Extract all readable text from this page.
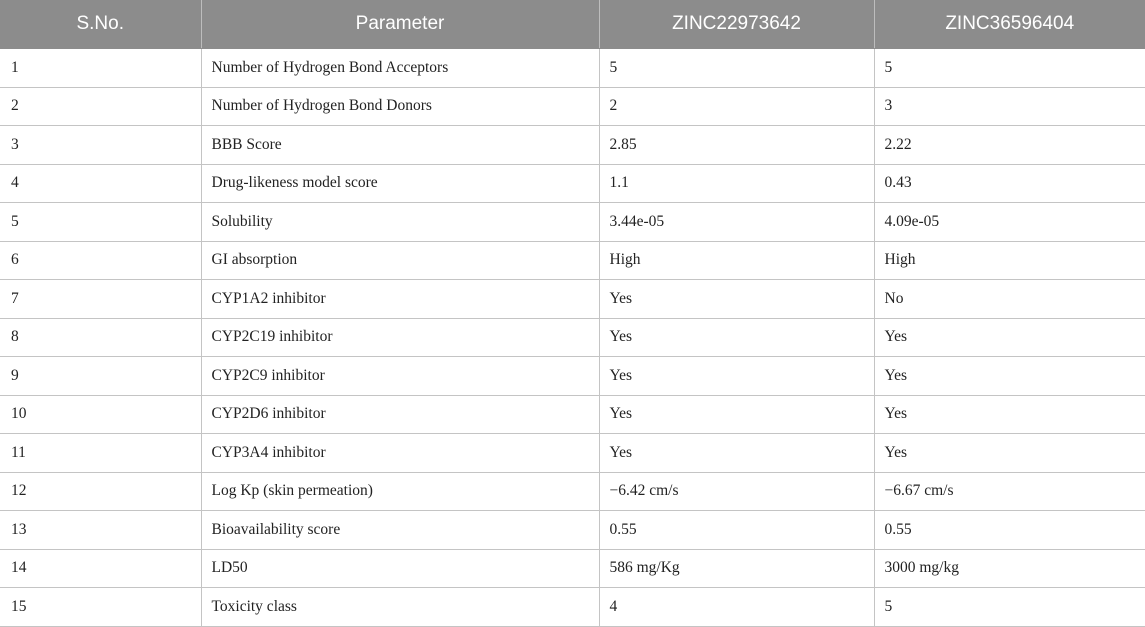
S.No.	Parameter	ZINC22973642	ZINC36596404
1	Number of Hydrogen Bond Acceptors	5	5
2	Number of Hydrogen Bond Donors	2	3
3	BBB Score	2.85	2.22
4	Drug-likeness model score	1.1	0.43
5	Solubility	3.44e-05	4.09e-05
6	GI absorption	High	High
7	CYP1A2 inhibitor	Yes	No
8	CYP2C19 inhibitor	Yes	Yes
9	CYP2C9 inhibitor	Yes	Yes
10	CYP2D6 inhibitor	Yes	Yes
11	CYP3A4 inhibitor	Yes	Yes
12	Log Kp (skin permeation)	−6.42 cm/s	−6.67 cm/s
13	Bioavailability score	0.55	0.55
14	LD50	586 mg/Kg	3000 mg/kg
15	Toxicity class	4	5
